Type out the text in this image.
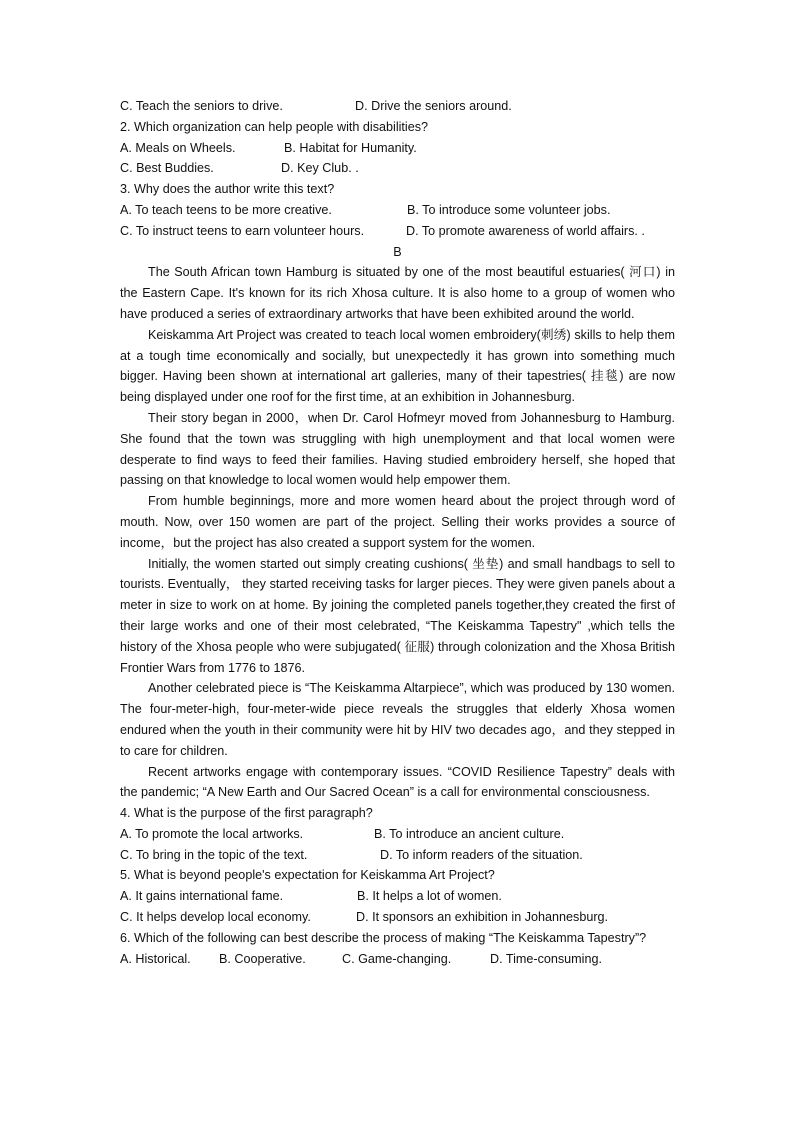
C. Teach the seniors to drive.	D. Drive the seniors around.
2. Which organization can help people with disabilities?
A. Meals on Wheels.	B. Habitat for Humanity.
C. Best Buddies.	D. Key Club. .
3. Why does the author write this text?
A. To teach teens to be more creative.	B. To introduce some volunteer jobs.
C. To instruct teens to earn volunteer hours.	D. To promote awareness of world affairs. .
B

The South African town Hamburg is situated by one of the most beautiful estuaries( 河口) in the Eastern Cape. It's known for its rich Xhosa culture. It is also home to a group of women who have produced a series of extraordinary artworks that have been exhibited around the world.

Keiskamma Art Project was created to teach local women embroidery(刺绣) skills to help them at a tough time economically and socially, but unexpectedly it has grown into something much bigger. Having been shown at international art galleries, many of their tapestries( 挂毯) are now being displayed under one roof for the first time, at an exhibition in Johannesburg.

Their story began in 2000，when Dr. Carol Hofmeyr moved from Johannesburg to Hamburg. She found that the town was struggling with high unemployment and that local women were desperate to find ways to feed their families. Having studied embroidery herself, she hoped that passing on that knowledge to local women would help empower them.

From humble beginnings, more and more women heard about the project through word of mouth. Now, over 150 women are part of the project. Selling their works provides a source of income，but the project has also created a support system for the women.

Initially, the women started out simply creating cushions( 坐垫) and small handbags to sell to tourists. Eventually， they started receiving tasks for larger pieces. They were given panels about a meter in size to work on at home. By joining the completed panels together,they created the first of their large works and one of their most celebrated, “The Keiskamma Tapestry" ,which tells the history of the Xhosa people who were subjugated( 征服) through colonization and the Xhosa British Frontier Wars from 1776 to 1876.

Another celebrated piece is “The Keiskamma Altarpiece”, which was produced by 130 women. The four-meter-high, four-meter-wide piece reveals the struggles that elderly Xhosa women endured when the youth in their community were hit by HIV two decades ago，and they stepped in to care for children.

Recent artworks engage with contemporary issues. “COVID Resilience Tapestry” deals with the pandemic; “A New Earth and Our Sacred Ocean” is a call for environmental consciousness.

4. What is the purpose of the first paragraph?
A. To promote the local artworks.	B. To introduce an ancient culture.
C. To bring in the topic of the text.	D. To inform readers of the situation.
5. What is beyond people's expectation for Keiskamma Art Project?
A. It gains international fame.	B. It helps a lot of women.
C. It helps develop local economy.	D. It sponsors an exhibition in Johannesburg.
6. Which of the following can best describe the process of making “The Keiskamma Tapestry”?
A. Historical. B. Cooperative.	C. Game-changing.	D. Time-consuming.
